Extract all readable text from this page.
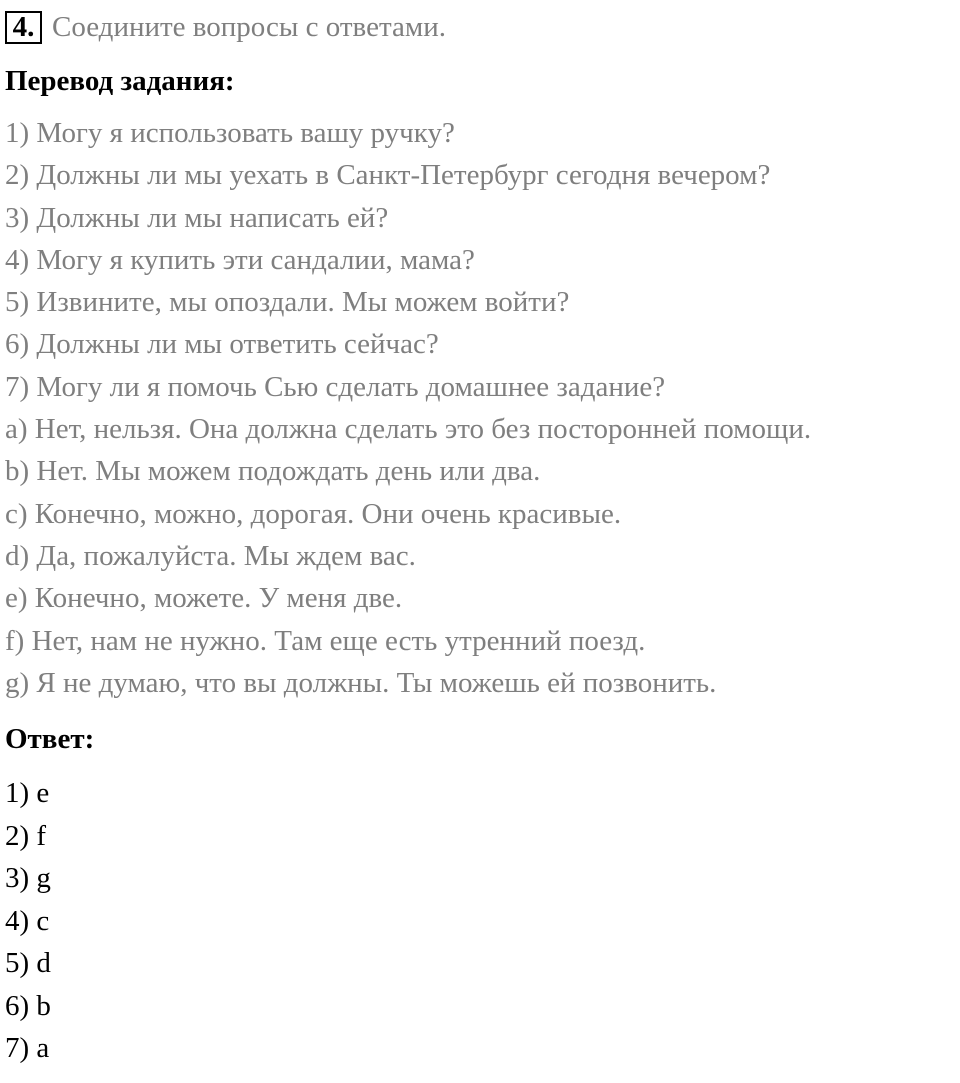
4. Соедините вопросы с ответами.
Перевод задания:
1) Могу я использовать вашу ручку?
2) Должны ли мы уехать в Санкт-Петербург сегодня вечером?
3) Должны ли мы написать ей?
4) Могу я купить эти сандалии, мама?
5) Извините, мы опоздали. Мы можем войти?
6) Должны ли мы ответить сейчас?
7) Могу ли я помочь Сью сделать домашнее задание?
a) Нет, нельзя. Она должна сделать это без посторонней помощи.
b) Нет. Мы можем подождать день или два.
c) Конечно, можно, дорогая. Они очень красивые.
d) Да, пожалуйста. Мы ждем вас.
e) Конечно, можете. У меня две.
f) Нет, нам не нужно. Там еще есть утренний поезд.
g) Я не думаю, что вы должны. Ты можешь ей позвонить.
Ответ:
1) e
2) f
3) g
4) c
5) d
6) b
7) a
